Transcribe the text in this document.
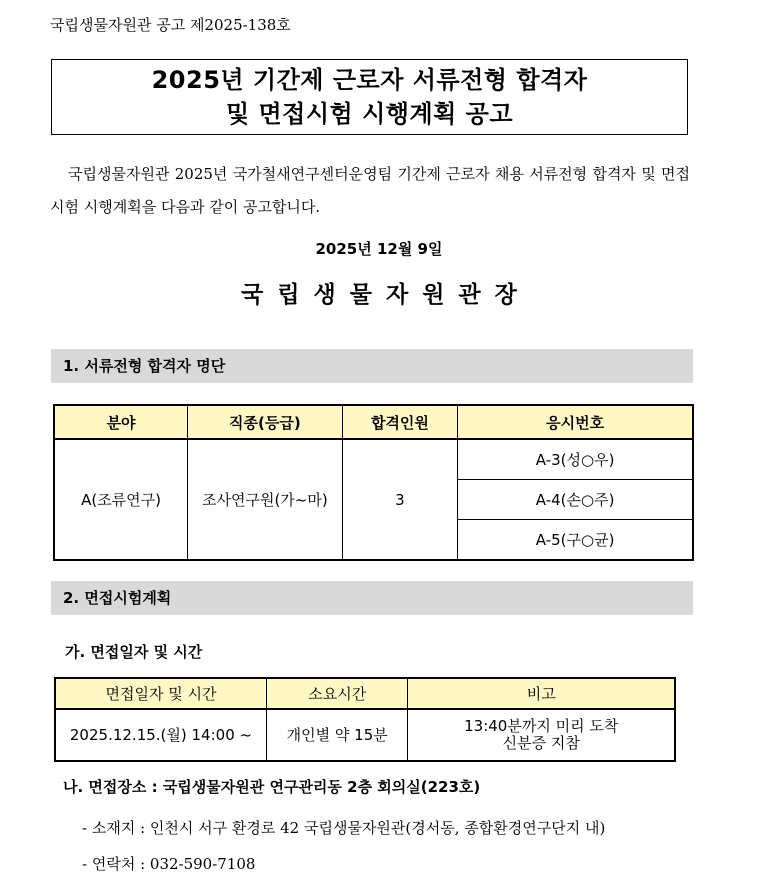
국립생물자원관 공고 제2025-138호
2025년 기간제 근로자 서류전형 합격자
및 면접시험 시행계획 공고
국립생물자원관 2025년 국가철새연구센터운영팀 기간제 근로자 채용 서류전형 합격자 및 면접시험 시행계획을 다음과 같이 공고합니다.
2025년 12월 9일
국립생물자원관장
1. 서류전형 합격자 명단
분야	직종(등급)	합격인원	응시번호
A(조류연구)	조사연구원(가~마)	3	A-3(성○우)
			A-4(손○주)
			A-5(구○균)
2. 면접시험계획
가. 면접일자 및 시간
면접일자 및 시간	소요시간	비고
2025.12.15.(월) 14:00 ~	개인별 약 15분	13:40분까지 미리 도착
신분증 지참
나. 면접장소 : 국립생물자원관 연구관리동 2층 회의실(223호)
- 소재지 : 인천시 서구 환경로 42 국립생물자원관(경서동, 종합환경연구단지 내)
- 연락처 : 032-590-7108
